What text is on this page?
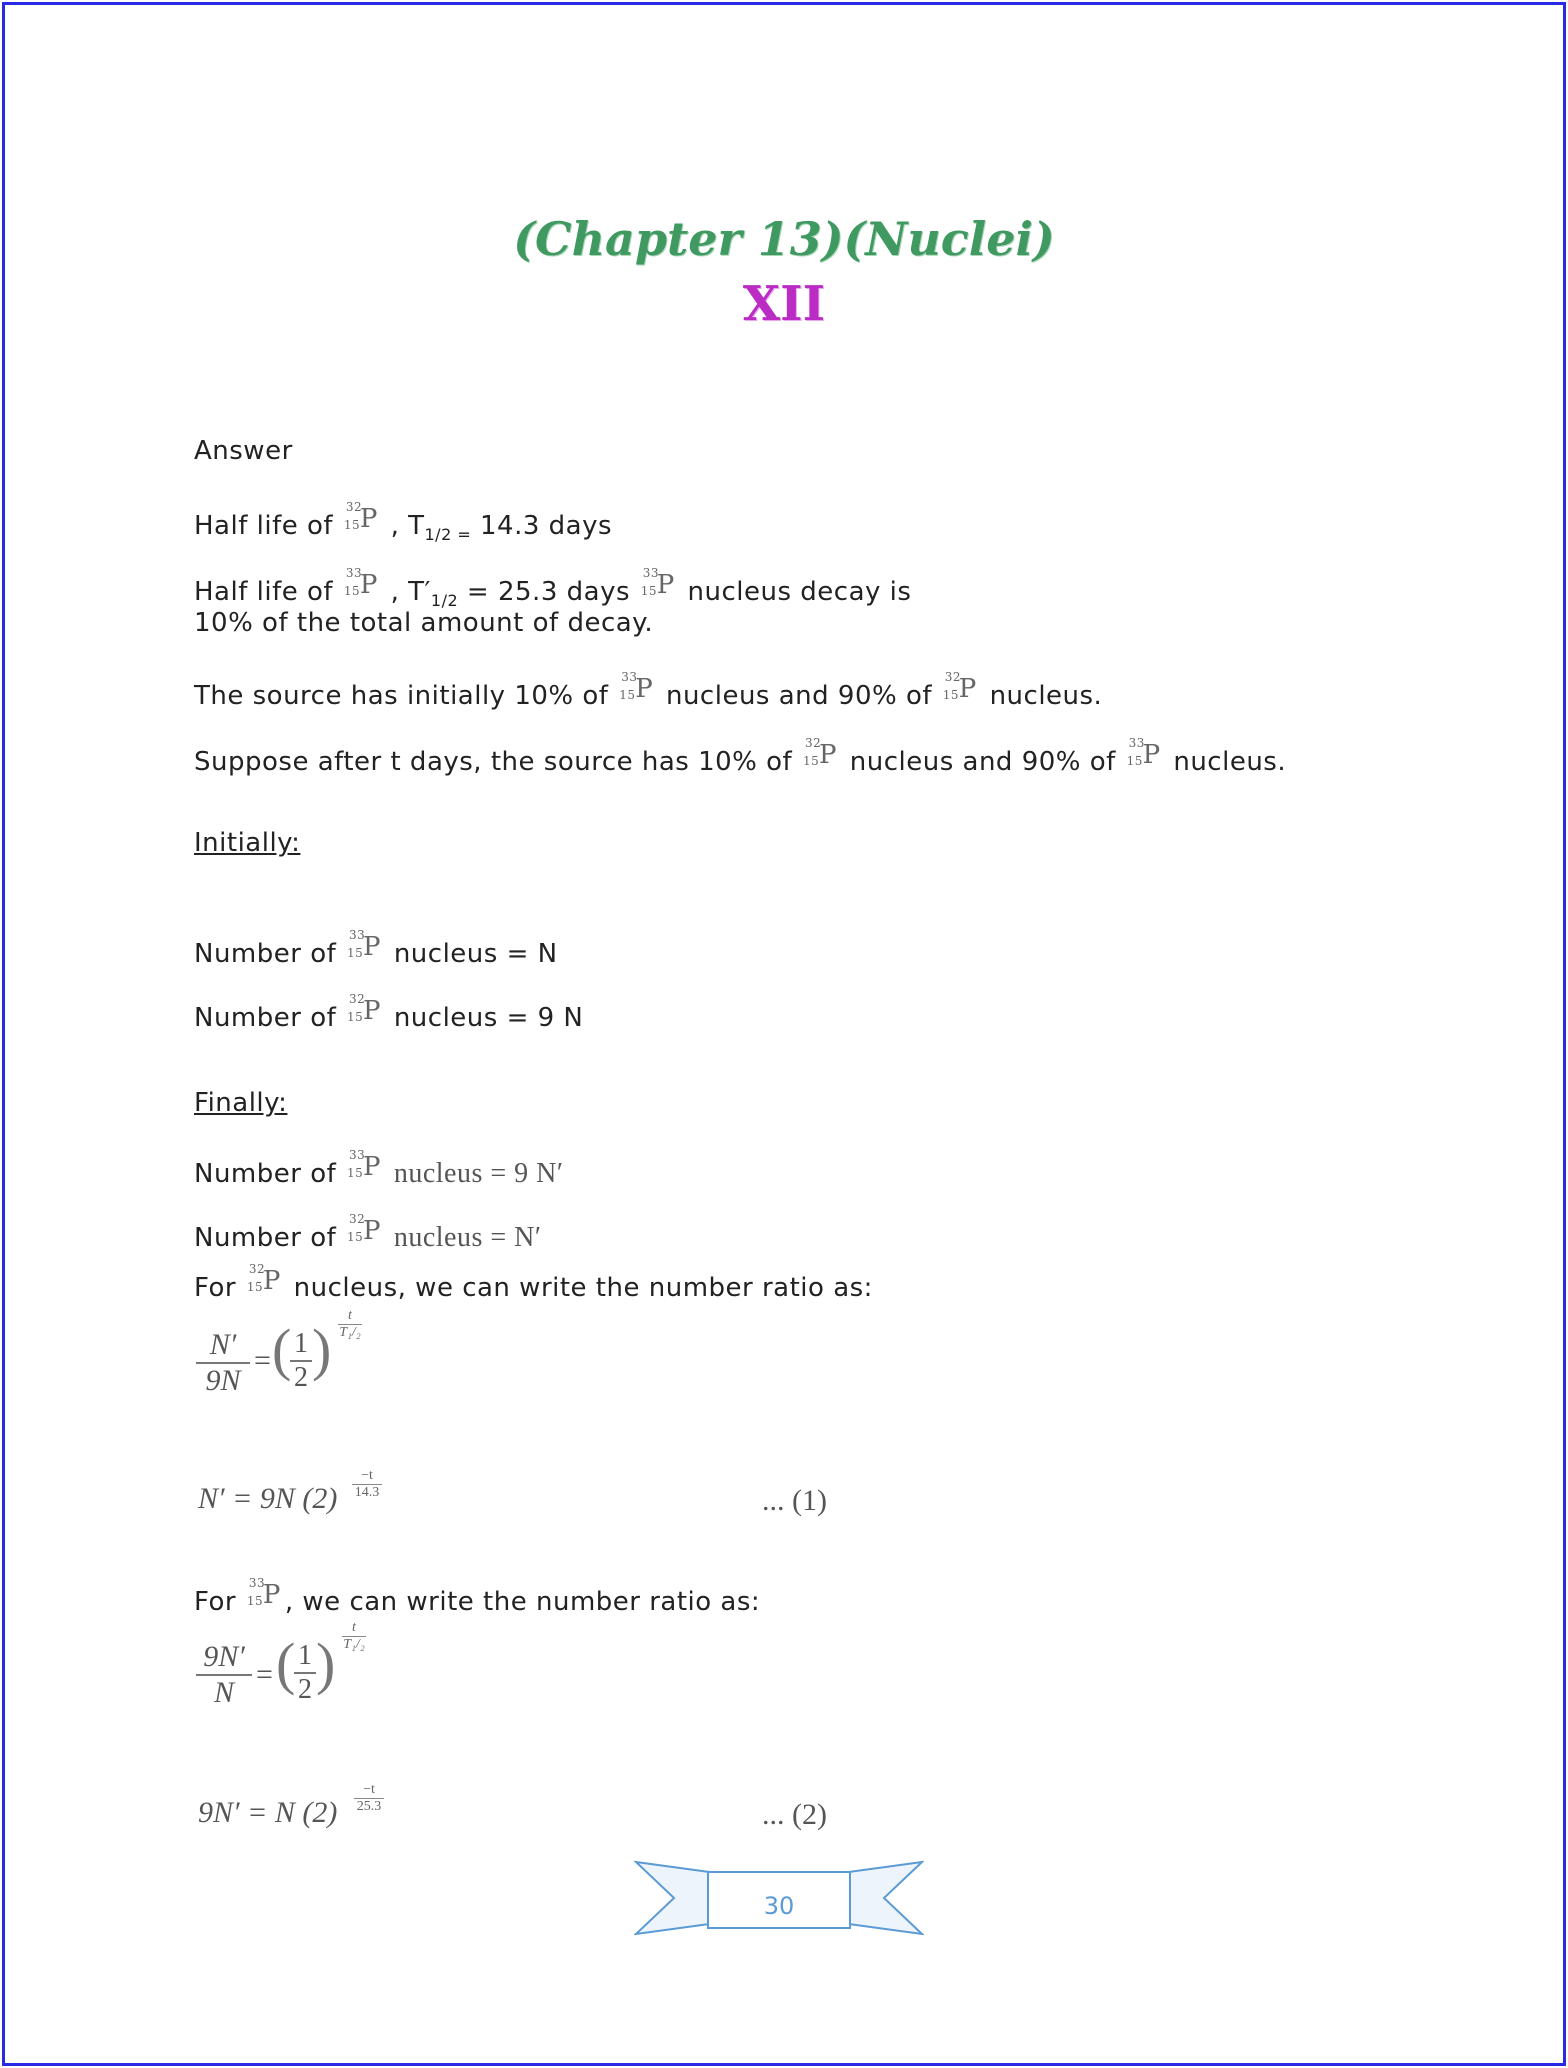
(Chapter 13)(Nuclei)
XII
Answer
Half life of
32
15 P , $T_{1/2 =}$ 14.3 days
Half life of
33
15 P , $T'_{1/2} = 25.3$ days
33
15 P nucleus decay is
10% of the total amount of decay.
The source has initially 10% of
33
15 P nucleus and 90% of
32
15 P nucleus.
Suppose after t days, the source has 10% of
32
15 P nucleus and 90% of
33
15 P nucleus.
Initially:
Number of
33
15 P nucleus = N
Number of
32
15 P nucleus = 9 N
Finally:
Number of
33
15 P nucleus = 9 N′
Number of
32
15 P nucleus = N′
For
32
15 P nucleus, we can write the number ratio as:
$\frac{N'}{9N}$ = (
$\frac{1}{2}$ )
t
T₁/₂
N′ = 9N (2)
−t
14.3	... (1)
For
33
15 P , we can write the number ratio as:
$\frac{9N'}{N}$ = (
$\frac{1}{2}$ )
t
T₁/₂
9N′ = N (2)
−t
25.3	... (2)
30
